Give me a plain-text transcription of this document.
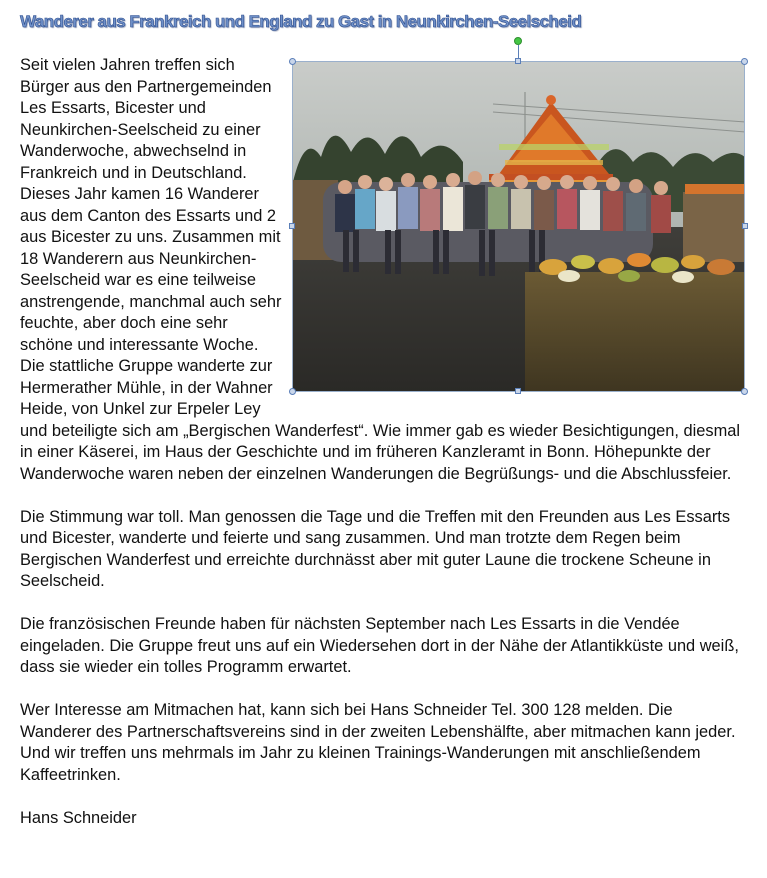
Wanderer aus Frankreich und England zu Gast in Neunkirchen-Seelscheid

Seit vielen Jahren treffen sich Bürger aus den Partnergemeinden Les Essarts, Bicester und Neunkirchen-Seelscheid zu einer Wanderwoche, abwechselnd in Frankreich und in Deutschland. Dieses Jahr kamen 16 Wanderer aus dem Canton des Essarts und 2 aus Bicester zu uns. Zusammen mit 18 Wanderern aus Neunkirchen-Seelscheid war es eine teilweise anstrengende, manchmal auch sehr feuchte, aber doch eine sehr schöne und interessante Woche. Die stattliche Gruppe wanderte zur Hermerather Mühle, in der Wahner Heide, von Unkel zur Erpeler Ley und beteiligte sich am „Bergischen Wanderfest“. Wie immer gab es wieder Besichtigungen, diesmal in einer Käserei, im Haus der Geschichte und im früheren Kanzleramt in Bonn. Höhepunkte der Wanderwoche waren neben der einzelnen Wanderungen die Begrüßungs- und die Abschlussfeier.

Die Stimmung war toll. Man genossen die Tage und die Treffen mit den Freunden aus Les Essarts und Bicester, wanderte und feierte und sang zusammen. Und man trotzte dem Regen beim Bergischen Wanderfest und erreichte durchnässt aber mit guter Laune die trockene Scheune in Seelscheid.

Die französischen Freunde haben für nächsten September nach Les Essarts in die Vendée eingeladen. Die Gruppe freut uns auf ein Wiedersehen dort in der Nähe der Atlantikküste und weiß, dass sie wieder ein tolles Programm erwartet.

Wer Interesse am Mitmachen hat, kann sich bei Hans Schneider Tel. 300 128 melden. Die Wanderer des Partnerschaftsvereins sind in der zweiten Lebenshälfte, aber mitmachen kann jeder. Und wir treffen uns mehrmals im Jahr zu kleinen Trainings-Wanderungen mit anschließendem Kaffeetrinken.

Hans Schneider
